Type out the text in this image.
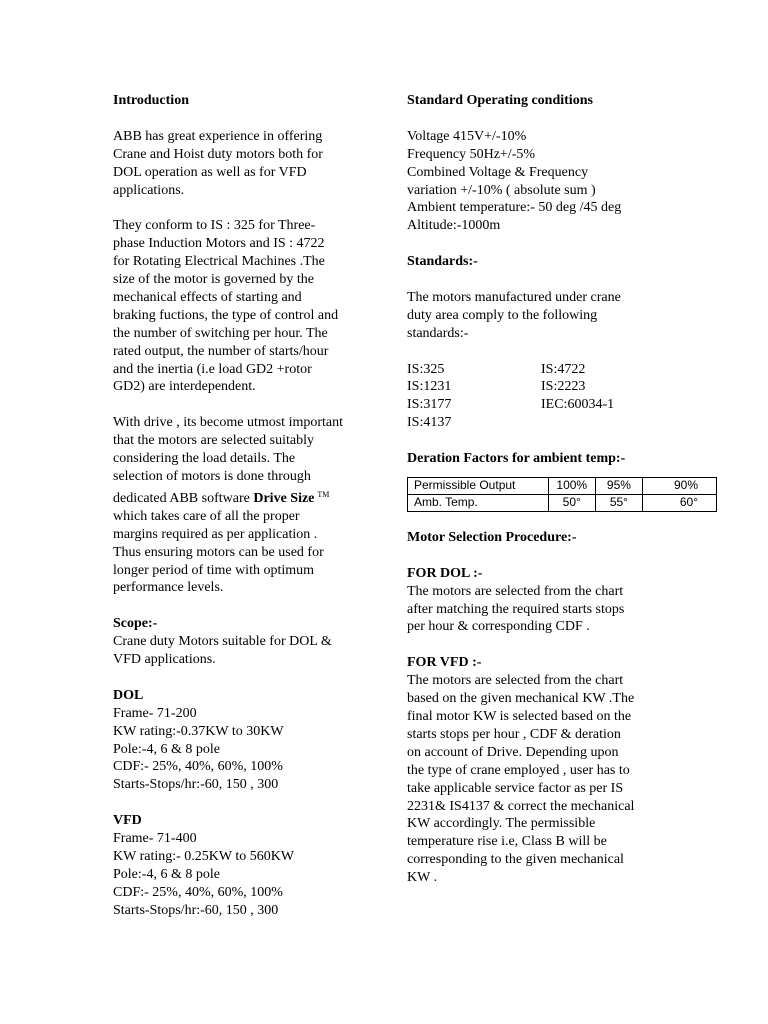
Introduction

ABB has great experience in offering
Crane and Hoist duty motors both for
DOL operation as well as for VFD
applications.

They conform to IS : 325 for Three-
phase Induction Motors and IS : 4722
for Rotating Electrical Machines .The
size of the motor is governed by the
mechanical effects of starting and
braking fuctions, the type of control and
the number of switching per hour. The
rated output, the number of starts/hour
and the inertia (i.e load GD2 +rotor
GD2) are interdependent.

With drive , its become utmost important
that the motors are selected suitably
considering the load details. The
selection of motors is done through
dedicated ABB software Drive Size ™
which takes care of all the proper
margins required as per application .
Thus ensuring motors can be used for
longer period of time with optimum
performance levels.

Scope:-

Crane duty Motors suitable for DOL &
VFD applications.

DOL

Frame- 71-200
KW rating:-0.37KW to 30KW
Pole:-4, 6 & 8 pole
CDF:- 25%, 40%, 60%, 100%
Starts-Stops/hr:-60, 150 , 300

VFD

Frame- 71-400
KW rating:- 0.25KW to 560KW
Pole:-4, 6 & 8 pole
CDF:- 25%, 40%, 60%, 100%
Starts-Stops/hr:-60, 150 , 300

Standard Operating conditions

Voltage 415V+/-10%
Frequency 50Hz+/-5%
Combined Voltage & Frequency
variation +/-10% ( absolute sum )
Ambient temperature:- 50 deg /45 deg
Altitude:-1000m

Standards:-

The motors manufactured under crane
duty area comply to the following
standards:-

IS:325	IS:4722
IS:1231	IS:2223
IS:3177	IEC:60034-1
IS:4137
Deration Factors for ambient temp:-
Permissible Output	100%	95%	90%
Amb. Temp.	50°	55°	60°
Motor Selection Procedure:-
FOR DOL :-

The motors are selected from the chart
after matching the required starts stops
per hour & corresponding CDF .

FOR VFD :-

The motors are selected from the chart
based on the given mechanical KW .The
final motor KW is selected based on the
starts stops per hour , CDF & deration
on account of Drive. Depending upon
the type of crane employed , user has to
take applicable service factor as per IS
2231& IS4137 & correct the mechanical
KW accordingly. The permissible
temperature rise i.e, Class B will be
corresponding to the given mechanical
KW .
